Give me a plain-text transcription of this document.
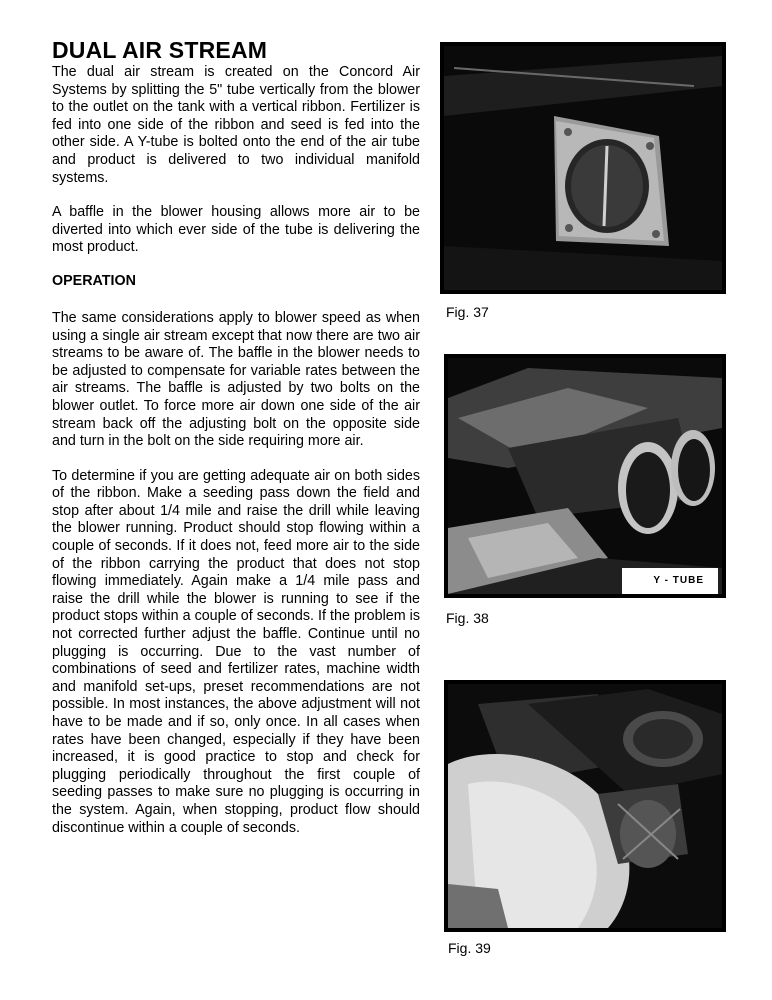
DUAL AIR STREAM

The dual air stream is created on the Concord Air Systems by splitting the 5" tube vertically from the blower to the outlet on the tank with a vertical ribbon. Fertilizer is fed into one side of the ribbon and seed is fed into the other side. A Y-tube is bolted onto the end of the air tube and product is delivered to two individual manifold systems.

A baffle in the blower housing allows more air to be diverted into which ever side of the tube is delivering the most product.

OPERATION

The same considerations apply to blower speed as when using a single air stream except that now there are two air streams to be aware of. The baffle in the blower needs to be adjusted to compensate for variable rates between the air streams. The baffle is adjusted by two bolts on the blower outlet. To force more air down one side of the air stream back off the adjusting bolt on the opposite side and turn in the bolt on the side requiring more air.

To determine if you are getting adequate air on both sides of the ribbon. Make a seeding pass down the field and stop after about 1/4 mile and raise the drill while leaving the blower running. Product should stop flowing within a couple of seconds. If it does not, feed more air to the side of the ribbon carrying the product that does not stop flowing immediately. Again make a 1/4 mile pass and raise the drill while the blower is running to see if the product stops within a couple of seconds. If the problem is not corrected further adjust the baffle. Continue until no plugging is occurring. Due to the vast number of combinations of seed and fertilizer rates, machine width and manifold set-ups, preset recommendations are not possible. In most instances, the above adjustment will not have to be made and if so, only once. In all cases when rates have been changed, especially if they have been increased, it is good practice to stop and check for plugging periodically throughout the first couple of seeding passes to make sure no plugging is occurring in the system. Again, when stopping, product flow should discontinue within a couple of seconds.

Fig. 37
Y - TUBE
Fig. 38
Fig. 39
